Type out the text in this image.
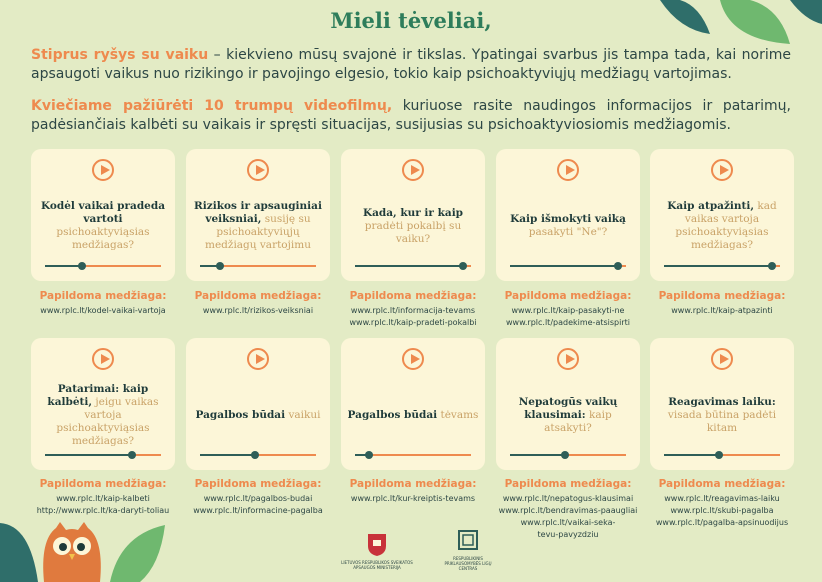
Mieli tėveliai,
Stiprus ryšys su vaiku – kiekvieno mūsų svajonė ir tikslas. Ypatingai svarbus jis tampa tada, kai norime apsaugoti vaikus nuo rizikingo ir pavojingo elgesio, tokio kaip psichoaktyviųjų medžiagų vartojimas.
Kviečiame pažiūrėti 10 trumpų videofilmų, kuriuose rasite naudingos informacijos ir patarimų, padėsiančiais kalbėti su vaikais ir spręsti situacijas, susijusias su psichoaktyviosiomis medžiagomis.
Kodėl vaikai pradeda vartoti psichoaktyviąsias medžiagas?
Papildoma medžiaga:
www.rplc.lt/kodel-vaikai-vartoja
Rizikos ir apsauginiai veiksniai, susiję su psichoaktyviųjų medžiagų vartojimu
Papildoma medžiaga:
www.rplc.lt/rizikos-veiksniai
Kada, kur ir kaip pradėti pokalbį su vaiku?
Papildoma medžiaga:
www.rplc.lt/informacija-tevams
www.rplc.lt/kaip-pradeti-pokalbi
Kaip išmokyti vaiką pasakyti "Ne"?
Papildoma medžiaga:
www.rplc.lt/kaip-pasakyti-ne
www.rplc.lt/padekime-atsispirti
Kaip atpažinti, kad vaikas vartoja psichoaktyviąsias medžiagas?
Papildoma medžiaga:
www.rplc.lt/kaip-atpazinti
Patarimai: kaip kalbėti, jeigu vaikas vartoja psichoaktyviąsias medžiagas?
Papildoma medžiaga:
www.rplc.lt/kaip-kalbeti
http://www.rplc.lt/ka-daryti-toliau
Pagalbos būdai vaikui
Papildoma medžiaga:
www.rplc.lt/pagalbos-budai
www.rplc.lt/informacine-pagalba
Pagalbos būdai tėvams
Papildoma medžiaga:
www.rplc.lt/kur-kreiptis-tevams
Nepatogūs vaikų klausimai: kaip atsakyti?
Papildoma medžiaga:
www.rplc.lt/nepatogus-klausimai
www.rplc.lt/bendravimas-paaugliai
www.rplc.lt/vaikai-seka-
tevu-pavyzdziu
Reagavimas laiku: visada būtina padėti kitam
Papildoma medžiaga:
www.rplc.lt/reagavimas-laiku
www.rplc.lt/skubi-pagalba
www.rplc.lt/pagalba-apsinuodijus
LIETUVOS RESPUBLIKOS SVEIKATOS APSAUGOS MINISTERIJA
RESPUBLIKINIS PRIKLAUSOMYBĖS LIGŲ CENTRAS
